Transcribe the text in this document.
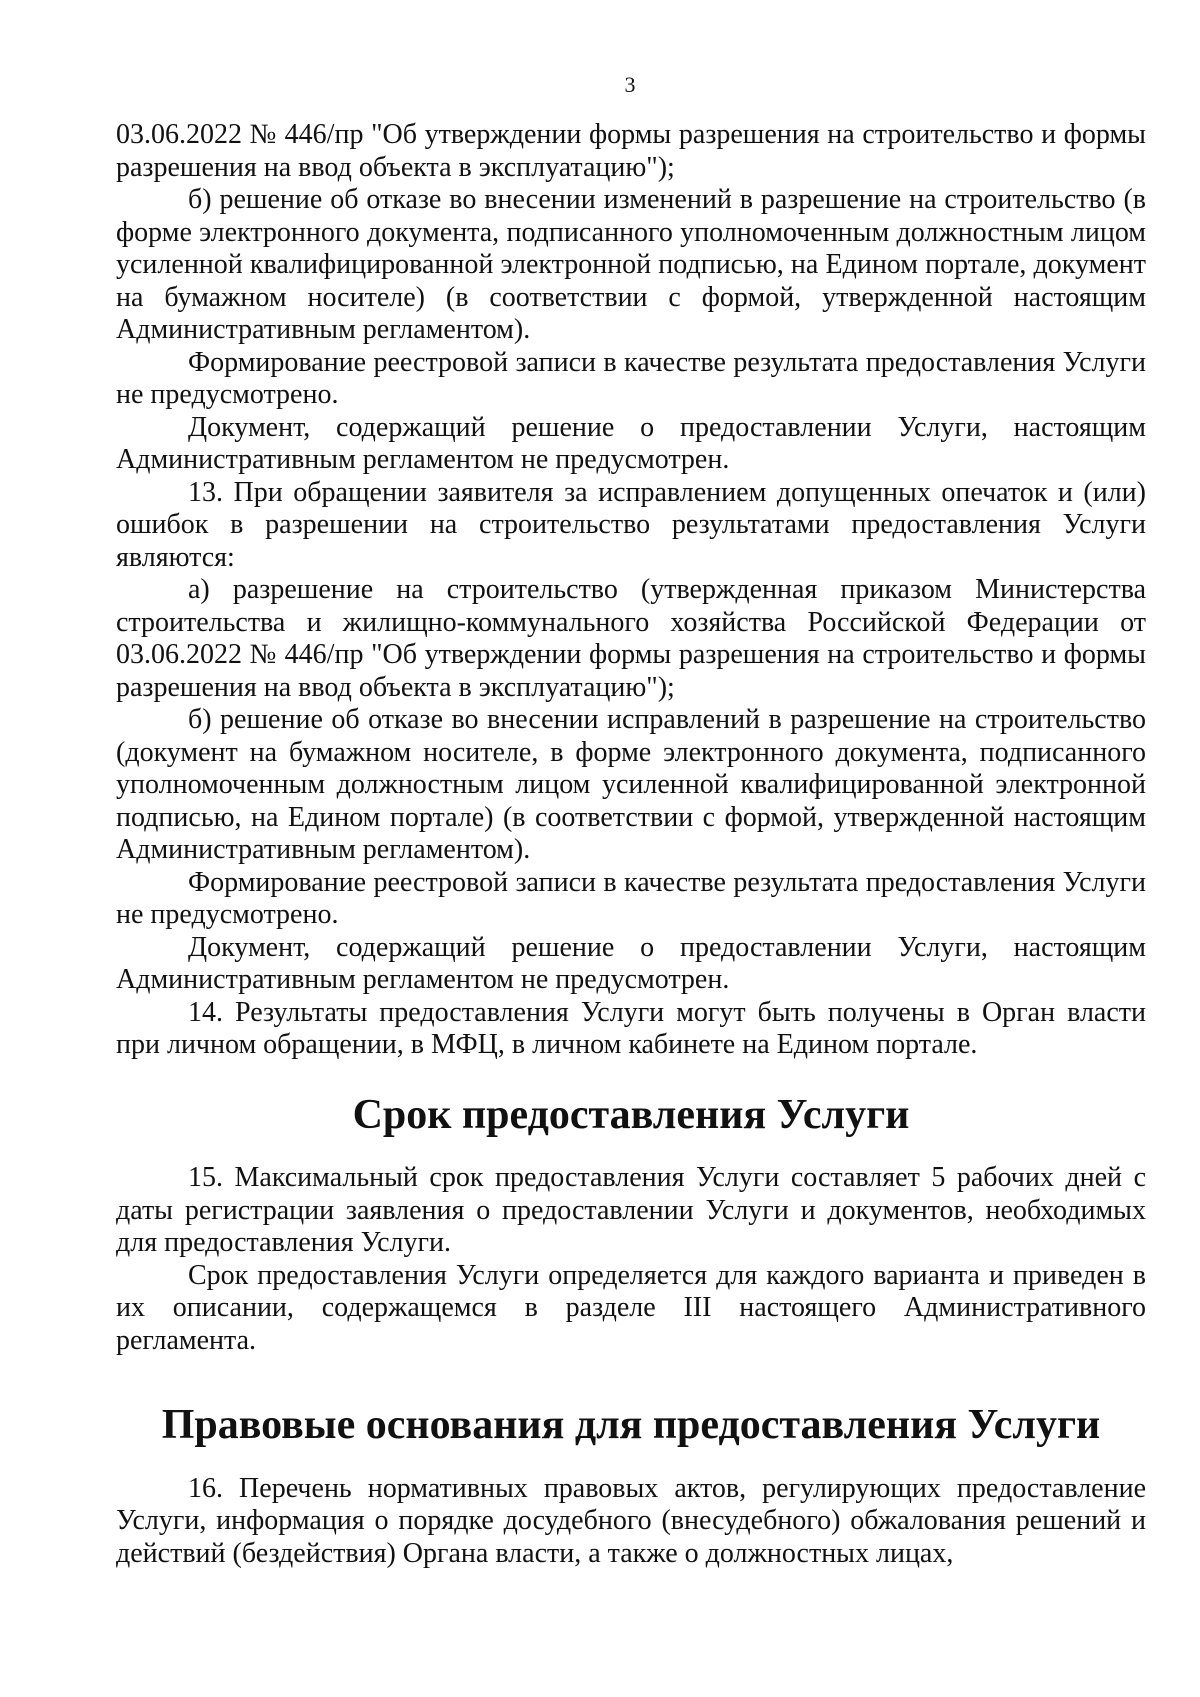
3

03.06.2022 № 446/пр "Об утверждении формы разрешения на строительство и формы разрешения на ввод объекта в эксплуатацию");

б) решение об отказе во внесении изменений в разрешение на строительство (в форме электронного документа, подписанного уполномоченным должностным лицом усиленной квалифицированной электронной подписью, на Едином портале, документ на бумажном носителе) (в соответствии с формой, утвержденной настоящим Административным регламентом).

Формирование реестровой записи в качестве результата предоставления Услуги не предусмотрено.

Документ, содержащий решение о предоставлении Услуги, настоящим Административным регламентом не предусмотрен.

13. При обращении заявителя за исправлением допущенных опечаток и (или) ошибок в разрешении на строительство результатами предоставления Услуги являются:

а) разрешение на строительство (утвержденная приказом Министерства строительства и жилищно-коммунального хозяйства Российской Федерации от 03.06.2022 № 446/пр "Об утверждении формы разрешения на строительство и формы разрешения на ввод объекта в эксплуатацию");

б) решение об отказе во внесении исправлений в разрешение на строительство (документ на бумажном носителе, в форме электронного документа, подписанного уполномоченным должностным лицом усиленной квалифицированной электронной подписью, на Едином портале) (в соответствии с формой, утвержденной настоящим Административным регламентом).

Формирование реестровой записи в качестве результата предоставления Услуги не предусмотрено.

Документ, содержащий решение о предоставлении Услуги, настоящим Административным регламентом не предусмотрен.

14. Результаты предоставления Услуги могут быть получены в Орган власти при личном обращении, в МФЦ, в личном кабинете на Едином портале.

Срок предоставления Услуги

15. Максимальный срок предоставления Услуги составляет 5 рабочих дней с даты регистрации заявления о предоставлении Услуги и документов, необходимых для предоставления Услуги.

Срок предоставления Услуги определяется для каждого варианта и приведен в их описании, содержащемся в разделе III настоящего Административного регламента.

Правовые основания для предоставления Услуги

16. Перечень нормативных правовых актов, регулирующих предоставление Услуги, информация о порядке досудебного (внесудебного) обжалования решений и действий (бездействия) Органа власти, а также о должностных лицах,
